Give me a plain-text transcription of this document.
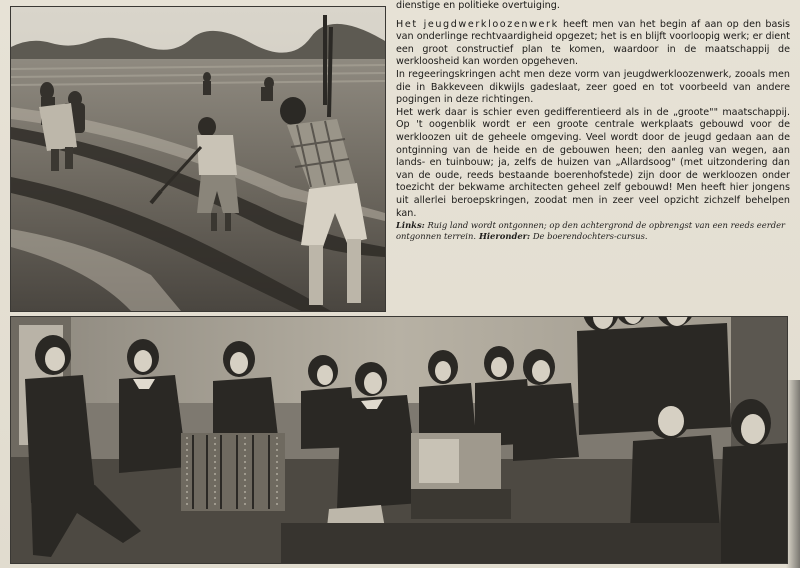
dienstige en politieke overtuiging.

Het jeugdwerkloozenwerk heeft men van het begin af aan op den basis van onderlinge rechtvaardigheid opgezet; het is en blijft voorloopig werk; er dient een groot constructief plan te komen, waardoor in de maatschappij de werkloosheid kan worden opgeheven.

In regeeringskringen acht men deze vorm van jeugdwerkloozenwerk, zooals men die in Bakkeveen dikwijls gadeslaat, zeer goed en tot voorbeeld van andere pogingen in deze richtingen.

Het werk daar is schier even gedifferentieerd als in de „groote"" maatschappij. Op 't oogenblik wordt er een groote centrale werkplaats gebouwd voor de werkloozen uit de geheele omgeving. Veel wordt door de jeugd gedaan aan de ontginning van de heide en de gebouwen heen; den aanleg van wegen, aan lands- en tuinbouw; ja, zelfs de huizen van „Allardsoog" (met uitzondering dan van de oude, reeds bestaande boerenhofstede) zijn door de werkloozen onder toezicht der bekwame architecten geheel zelf gebouwd! Men heeft hier jongens uit allerlei beroepskringen, zoodat men in zeer veel opzicht zichzelf behelpen kan.

Links: Ruig land wordt ontgonnen; op den achtergrond de opbrengst van een reeds eerder ontgonnen terrein. Hieronder: De boerendochters-cursus.
